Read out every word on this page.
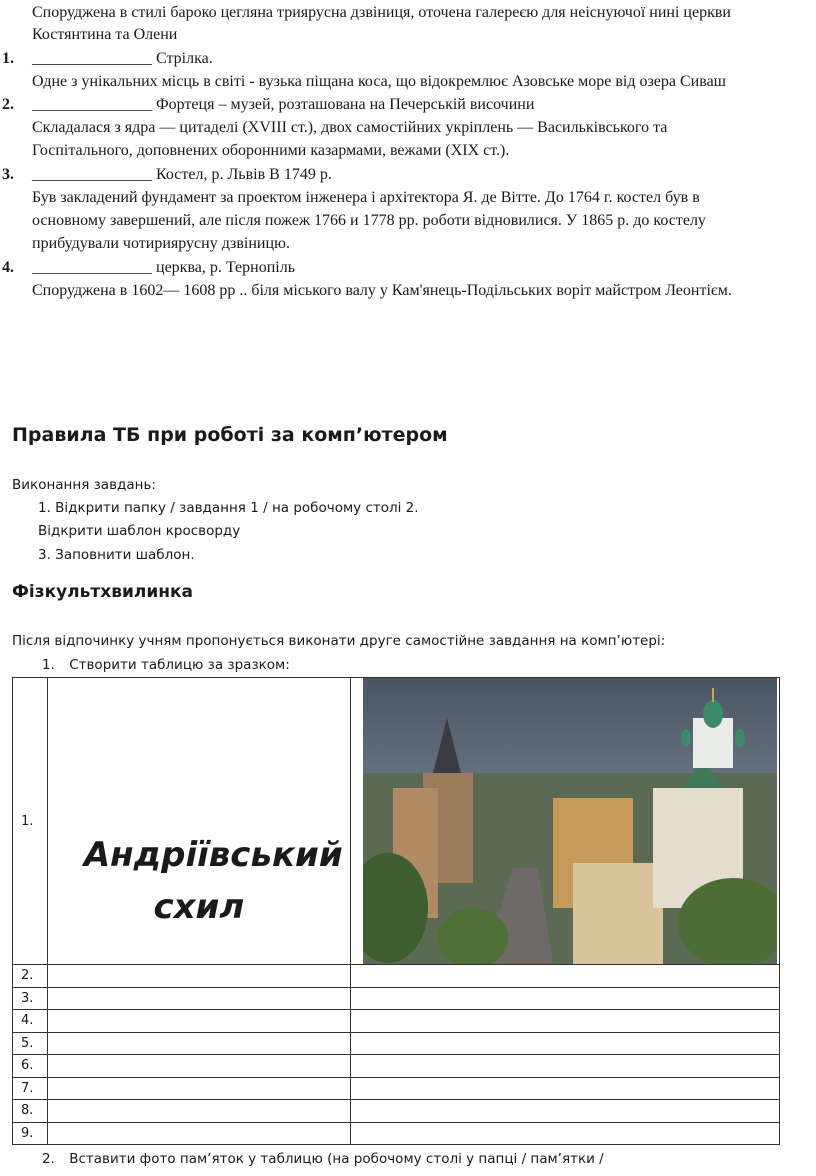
Споруджена в стилі бароко цегляна триярусна дзвіниця, оточена галереєю для неіснуючої нині церкви
Костянтина та Олени
1. _______________ Стрілка.
Одне з унікальних місць в світі - вузька піщана коса, що відокремлює Азовське море від озера Сиваш
2. _______________ Фортеця – музей, розташована на Печерській височини
Складалася з ядра — цитаделі (XVIII ст.), двох самостійних укріплень — Васильківського та
Госпітального, доповнених оборонними казармами, вежами (XIX ст.).
3. _______________ Костел, р. Львів В 1749 р.
Був закладений фундамент за проектом інженера і архітектора Я. де Вітте. До 1764 г. костел був в
основному завершений, але після пожеж 1766 и 1778 рр. роботи відновилися. У 1865 р. до костелу
прибудували чотириярусну дзвіницю.
4. _______________ церква, р. Тернопіль
Споруджена в 1602— 1608 рр .. біля міського валу у Кам'янець-Подільських воріт майстром Леонтієм.
Правила ТБ при роботі за комп’ютером
Виконання завдань:
1. Відкрити папку / завдання 1 / на робочому столі 2.
Відкрити шаблон кросворду
3. Заповнити шаблон.
Фізкультхвилинка
Після відпочинку учням пропонується виконати друге самостійне завдання на комп’ютері:
1. Створити таблицю за зразком:
1.	Андріївський схил

2.		
3.		
4.		
5.		
6.		
7.		
8.		
9.		
2. Вставити фото пам’яток у таблицю (на робочому столі у папці / пам’ятки /
